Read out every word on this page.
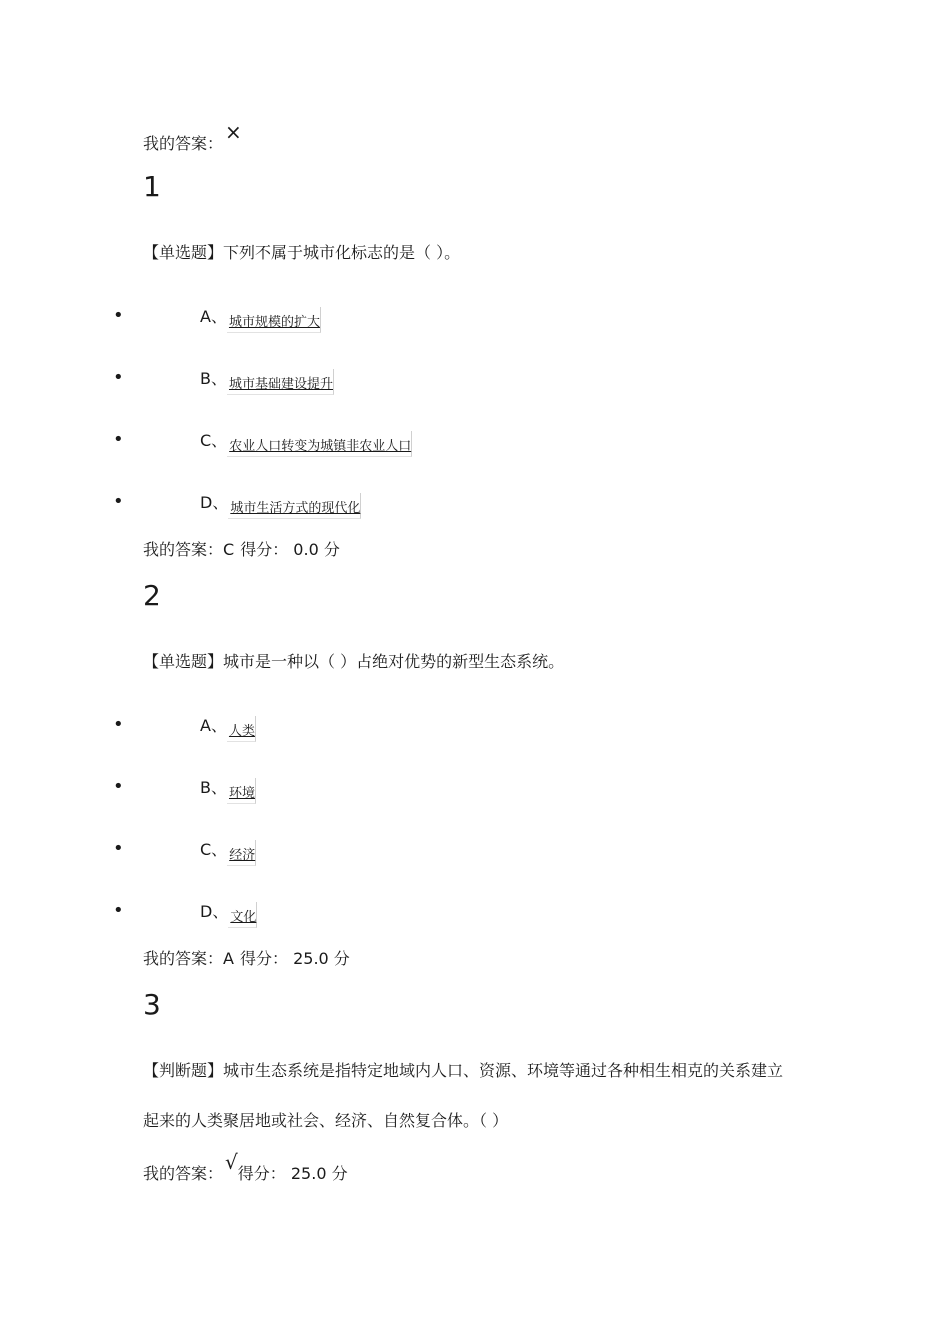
我的答案： ×
1
【单选题】下列不属于城市化标志的是（ ）。
•	A、 城市规模的扩大
•	B、 城市基础建设提升
•	C、 农业人口转变为城镇非农业人口
•	D、 城市生活方式的现代化
我的答案：C 得分： 0.0 分
2
【单选题】城市是一种以（ ）占绝对优势的新型生态系统。
•	A、 人类
•	B、 环境
•	C、 经济
•	D、 文化
我的答案：A 得分： 25.0 分
3
【判断题】城市生态系统是指特定地域内人口、资源、环境等通过各种相生相克的关系建立
起来的人类聚居地或社会、经济、自然复合体。（ ）
我的答案： √得分： 25.0 分
